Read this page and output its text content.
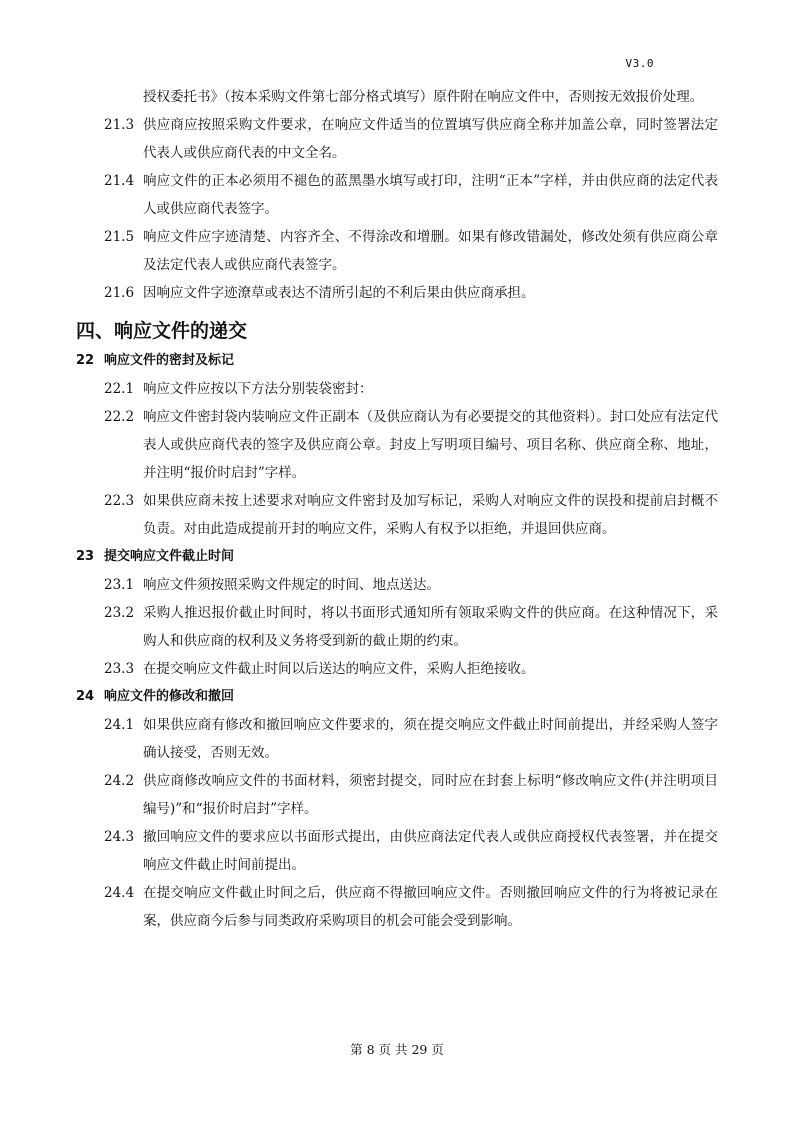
V3.0

授权委托书》（按本采购文件第七部分格式填写）原件附在响应文件中，否则按无效报价处理。

21.3 供应商应按照采购文件要求，在响应文件适当的位置填写供应商全称并加盖公章，同时签署法定代表人或供应商代表的中文全名。

21.4 响应文件的正本必须用不褪色的蓝黑墨水填写或打印，注明“正本”字样，并由供应商的法定代表人或供应商代表签字。

21.5 响应文件应字迹清楚、内容齐全、不得涂改和增删。如果有修改错漏处，修改处须有供应商公章及法定代表人或供应商代表签字。

21.6 因响应文件字迹潦草或表达不清所引起的不利后果由供应商承担。

四、响应文件的递交
22 响应文件的密封及标记

22.1 响应文件应按以下方法分别装袋密封：

22.2 响应文件密封袋内装响应文件正副本（及供应商认为有必要提交的其他资料）。封口处应有法定代表人或供应商代表的签字及供应商公章。封皮上写明项目编号、项目名称、供应商全称、地址，并注明“报价时启封”字样。

22.3 如果供应商未按上述要求对响应文件密封及加写标记，采购人对响应文件的误投和提前启封概不负责。对由此造成提前开封的响应文件，采购人有权予以拒绝，并退回供应商。

23 提交响应文件截止时间

23.1 响应文件须按照采购文件规定的时间、地点送达。

23.2 采购人推迟报价截止时间时，将以书面形式通知所有领取采购文件的供应商。在这种情况下，采购人和供应商的权利及义务将受到新的截止期的约束。

23.3 在提交响应文件截止时间以后送达的响应文件，采购人拒绝接收。

24 响应文件的修改和撤回

24.1 如果供应商有修改和撤回响应文件要求的，须在提交响应文件截止时间前提出，并经采购人签字确认接受，否则无效。

24.2 供应商修改响应文件的书面材料，须密封提交，同时应在封套上标明“修改响应文件(并注明项目编号)”和“报价时启封”字样。

24.3 撤回响应文件的要求应以书面形式提出，由供应商法定代表人或供应商授权代表签署，并在提交响应文件截止时间前提出。

24.4 在提交响应文件截止时间之后，供应商不得撤回响应文件。否则撤回响应文件的行为将被记录在案，供应商今后参与同类政府采购项目的机会可能会受到影响。

第 8 页 共 29 页
